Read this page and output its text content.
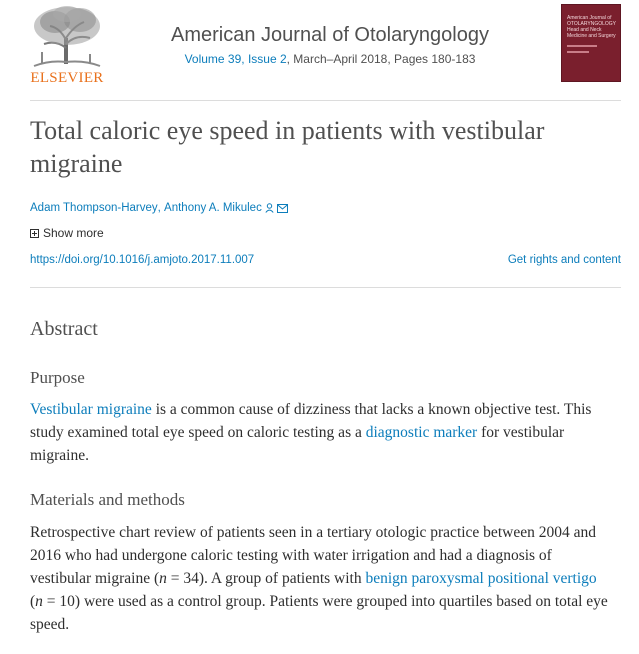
ELSEVIER
American Journal of Otolaryngology
Volume 39, Issue 2, March–April 2018, Pages 180-183
American Journal of OTOLARYNGOLOGY Head and Neck Medicine and Surgery
Total caloric eye speed in patients with vestibular migraine
Adam Thompson-Harvey ,
Anthony A. Mikulec
Show more
https://doi.org/10.1016/j.amjoto.2017.11.007	Get rights and content
Abstract
Purpose

Vestibular migraine is a common cause of dizziness that lacks a known objective test. This study examined total eye speed on caloric testing as a diagnostic marker for vestibular migraine.

Materials and methods

Retrospective chart review of patients seen in a tertiary otologic practice between 2004 and 2016 who had undergone caloric testing with water irrigation and had a diagnosis of vestibular migraine (n = 34). A group of patients with benign paroxysmal positional vertigo (n = 10) were used as a control group. Patients were grouped into quartiles based on total eye speed.
